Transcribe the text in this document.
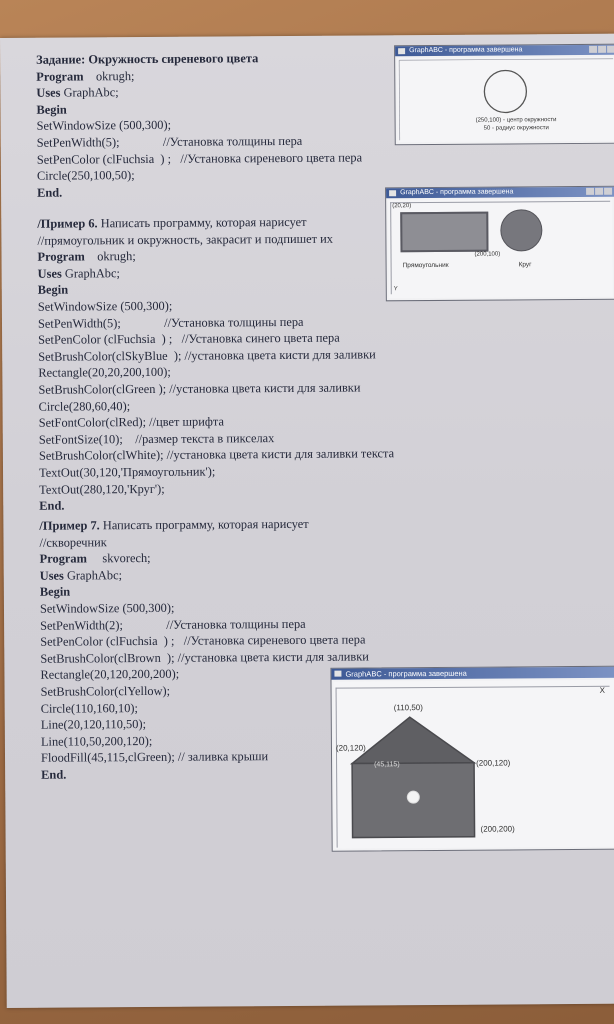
Задание: Окружность сиреневого цвета
Program    okrugh;
Uses GraphAbc;
Begin
SetWindowSize (500,300);
SetPenWidth(5);              //Установка толщины пера
SetPenColor (clFuchsia  ) ;   //Установка сиреневого цвета пера
Circle(250,100,50);
End.
GraphABC - программа завершена
(250,100) - центр окружности
50 - радиус окружности
/Пример 6. Написать программу, которая нарисует
//прямоугольник и окружность, закрасит и подпишет их
Program    okrugh;
Uses GraphAbc;
Begin
SetWindowSize (500,300);
SetPenWidth(5);              //Установка толщины пера
SetPenColor (clFuchsia  ) ;   //Установка синего цвета пера
SetBrushColor(clSkyBlue  ); //установка цвета кисти для заливки
Rectangle(20,20,200,100);
SetBrushColor(clGreen ); //установка цвета кисти для заливки
Circle(280,60,40);
SetFontColor(clRed); //цвет шрифта
SetFontSize(10);    //размер текста в пикселах
SetBrushColor(clWhite); //установка цвета кисти для заливки текста
TextOut(30,120,'Прямоугольник');
TextOut(280,120,'Круг');
End.
GraphABC - программа завершена
(20,20)
(200,100)
Прямоугольник	Круг
Y
/Пример 7. Написать программу, которая нарисует
//скворечник
Program     skvorech;
Uses GraphAbc;
Begin
SetWindowSize (500,300);
SetPenWidth(2);              //Установка толщины пера
SetPenColor (clFuchsia  ) ;   //Установка сиреневого цвета пера
SetBrushColor(clBrown  ); //установка цвета кисти для заливки
Rectangle(20,120,200,200);
SetBrushColor(clYellow);
Circle(110,160,10);
Line(20,120,110,50);
Line(110,50,200,120);
FloodFill(45,115,clGreen); // заливка крыши
End.
GraphABC - программа завершена
X
(110,50)
(20,120)
(45,115)	(200,120)
(200,200)
